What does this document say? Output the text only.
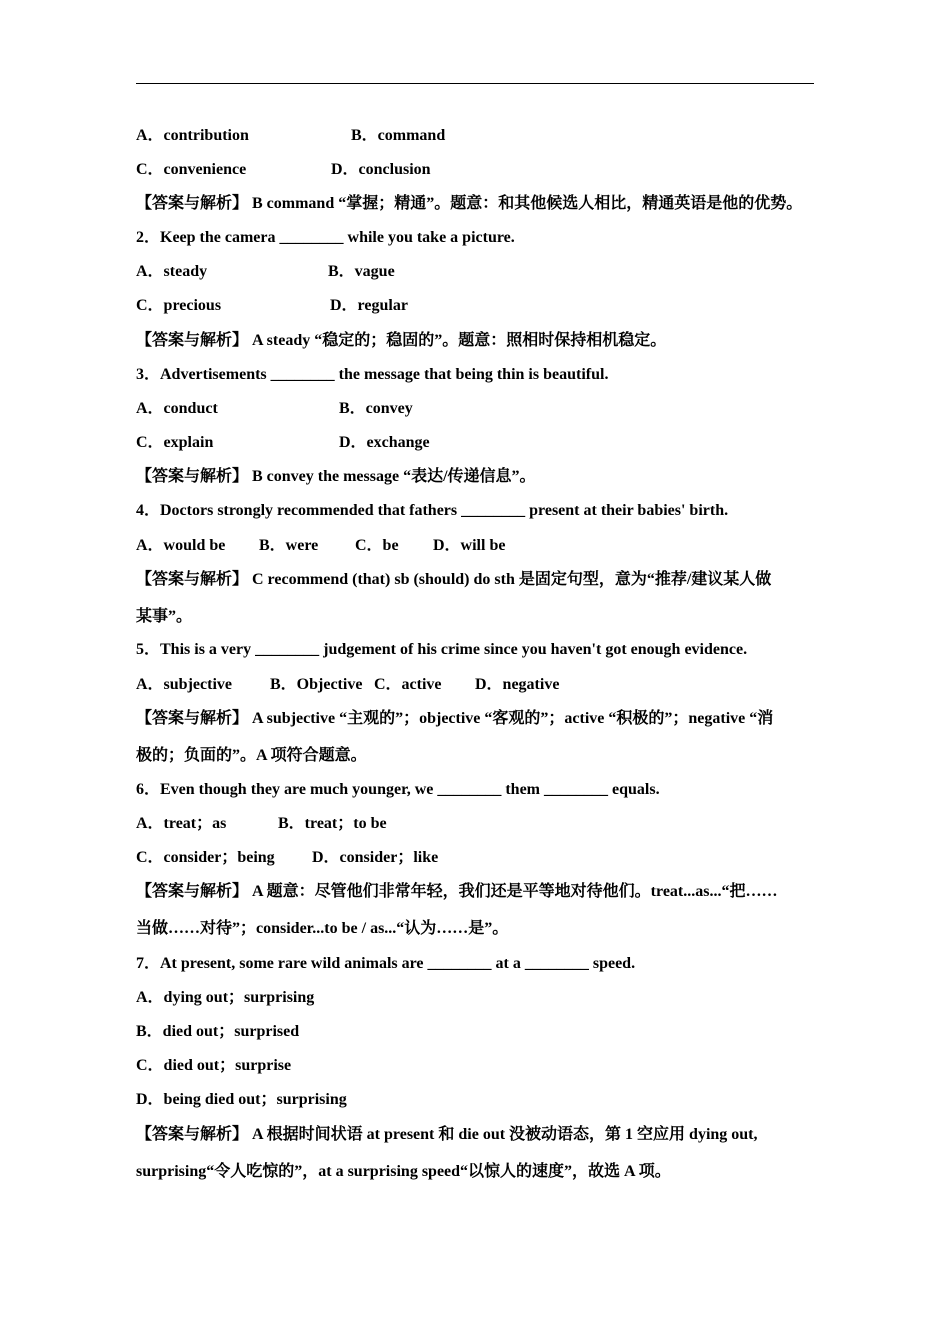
A．contribution	B．command
C．convenience	D．conclusion
【答案与解析】 B command “掌握；精通”。题意：和其他候选人相比，精通英语是他的优势。
2．Keep the camera ________ while you take a picture.
A．steady	B．vague
C．precious	D．regular
【答案与解析】 A steady “稳定的；稳固的”。题意：照相时保持相机稳定。
3．Advertisements ________ the message that being thin is beautiful.
A．conduct	B．convey
C．explain	D．exchange
【答案与解析】 B convey the message “表达/传递信息”。
4．Doctors strongly recommended that fathers ________ present at their babies' birth.
A．would be B．were C．be D．will be
【答案与解析】 C recommend (that) sb (should) do sth 是固定句型，意为“推荐/建议某人做
某事”。
5．This is a very ________ judgement of his crime since you haven't got enough evidence.
A．subjective B．Objective C．active D．negative
【答案与解析】 A subjective “主观的”；objective “客观的”；active “积极的”；negative “消
极的；负面的”。A 项符合题意。
6．Even though they are much younger, we ________ them ________ equals.
A．treat；as	B．treat；to be
C．consider；being D．consider；like
【答案与解析】 A 题意：尽管他们非常年轻，我们还是平等地对待他们。treat...as...“把……
当做……对待”；consider...to be / as...“认为……是”。
7．At present, some rare wild animals are ________ at a ________ speed.
A．dying out；surprising
B．died out；surprised
C．died out；surprise
D．being died out；surprising
【答案与解析】 A 根据时间状语 at present 和 die out 没被动语态，第 1 空应用 dying out,
surprising“令人吃惊的”，at a surprising speed“以惊人的速度”，故选 A 项。
